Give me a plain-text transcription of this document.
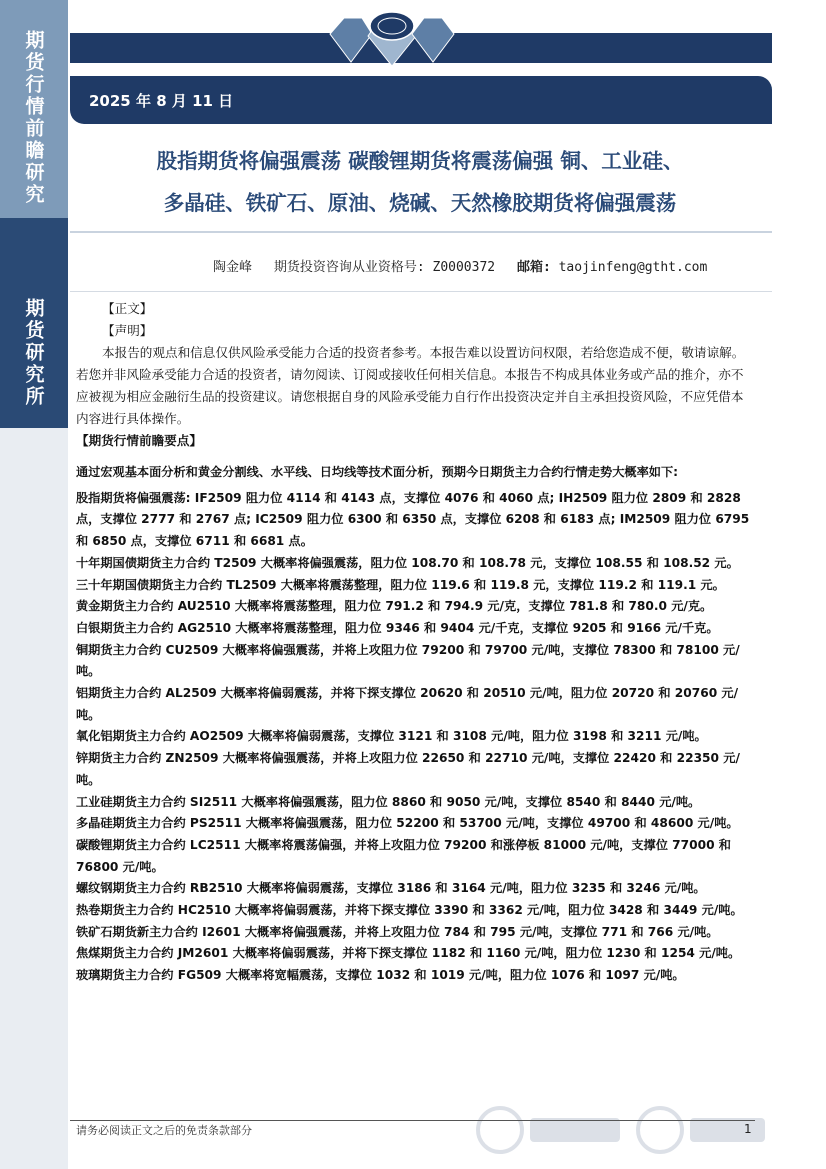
期货行情前瞻研究
期货研究所
2025 年 8 月 11 日
股指期货将偏强震荡 碳酸锂期货将震荡偏强 铜、工业硅、
多晶硅、铁矿石、原油、烧碱、天然橡胶期货将偏强震荡
陶金峰 期货投资咨询从业资格号: Z0000372 邮箱: taojinfeng@gtht.com

【正文】

【声明】

本报告的观点和信息仅供风险承受能力合适的投资者参考。本报告难以设置访问权限，若给您造成不便，敬请谅解。若您并非风险承受能力合适的投资者，请勿阅读、订阅或接收任何相关信息。本报告不构成具体业务或产品的推介，亦不应被视为相应金融衍生品的投资建议。请您根据自身的风险承受能力自行作出投资决定并自主承担投资风险，不应凭借本内容进行具体操作。

【期货行情前瞻要点】

通过宏观基本面分析和黄金分割线、水平线、日均线等技术面分析，预期今日期货主力合约行情走势大概率如下:

股指期货将偏强震荡: IF2509 阻力位 4114 和 4143 点，支撑位 4076 和 4060 点; IH2509 阻力位 2809 和 2828 点，支撑位 2777 和 2767 点; IC2509 阻力位 6300 和 6350 点，支撑位 6208 和 6183 点; IM2509 阻力位 6795 和 6850 点，支撑位 6711 和 6681 点。

十年期国债期货主力合约 T2509 大概率将偏强震荡，阻力位 108.70 和 108.78 元，支撑位 108.55 和 108.52 元。

三十年期国债期货主力合约 TL2509 大概率将震荡整理，阻力位 119.6 和 119.8 元，支撑位 119.2 和 119.1 元。

黄金期货主力合约 AU2510 大概率将震荡整理，阻力位 791.2 和 794.9 元/克，支撑位 781.8 和 780.0 元/克。

白银期货主力合约 AG2510 大概率将震荡整理，阻力位 9346 和 9404 元/千克，支撑位 9205 和 9166 元/千克。

铜期货主力合约 CU2509 大概率将偏强震荡，并将上攻阻力位 79200 和 79700 元/吨，支撑位 78300 和 78100 元/吨。

铝期货主力合约 AL2509 大概率将偏弱震荡，并将下探支撑位 20620 和 20510 元/吨，阻力位 20720 和 20760 元/吨。

氧化铝期货主力合约 AO2509 大概率将偏弱震荡，支撑位 3121 和 3108 元/吨，阻力位 3198 和 3211 元/吨。

锌期货主力合约 ZN2509 大概率将偏强震荡，并将上攻阻力位 22650 和 22710 元/吨，支撑位 22420 和 22350 元/吨。

工业硅期货主力合约 SI2511 大概率将偏强震荡，阻力位 8860 和 9050 元/吨，支撑位 8540 和 8440 元/吨。

多晶硅期货主力合约 PS2511 大概率将偏强震荡，阻力位 52200 和 53700 元/吨，支撑位 49700 和 48600 元/吨。

碳酸锂期货主力合约 LC2511 大概率将震荡偏强，并将上攻阻力位 79200 和涨停板 81000 元/吨，支撑位 77000 和 76800 元/吨。

螺纹钢期货主力合约 RB2510 大概率将偏弱震荡，支撑位 3186 和 3164 元/吨，阻力位 3235 和 3246 元/吨。

热卷期货主力合约 HC2510 大概率将偏弱震荡，并将下探支撑位 3390 和 3362 元/吨，阻力位 3428 和 3449 元/吨。

铁矿石期货新主力合约 I2601 大概率将偏强震荡，并将上攻阻力位 784 和 795 元/吨，支撑位 771 和 766 元/吨。

焦煤期货主力合约 JM2601 大概率将偏弱震荡，并将下探支撑位 1182 和 1160 元/吨，阻力位 1230 和 1254 元/吨。

玻璃期货主力合约 FG509 大概率将宽幅震荡，支撑位 1032 和 1019 元/吨，阻力位 1076 和 1097 元/吨。

请务必阅读正文之后的免责条款部分	1
